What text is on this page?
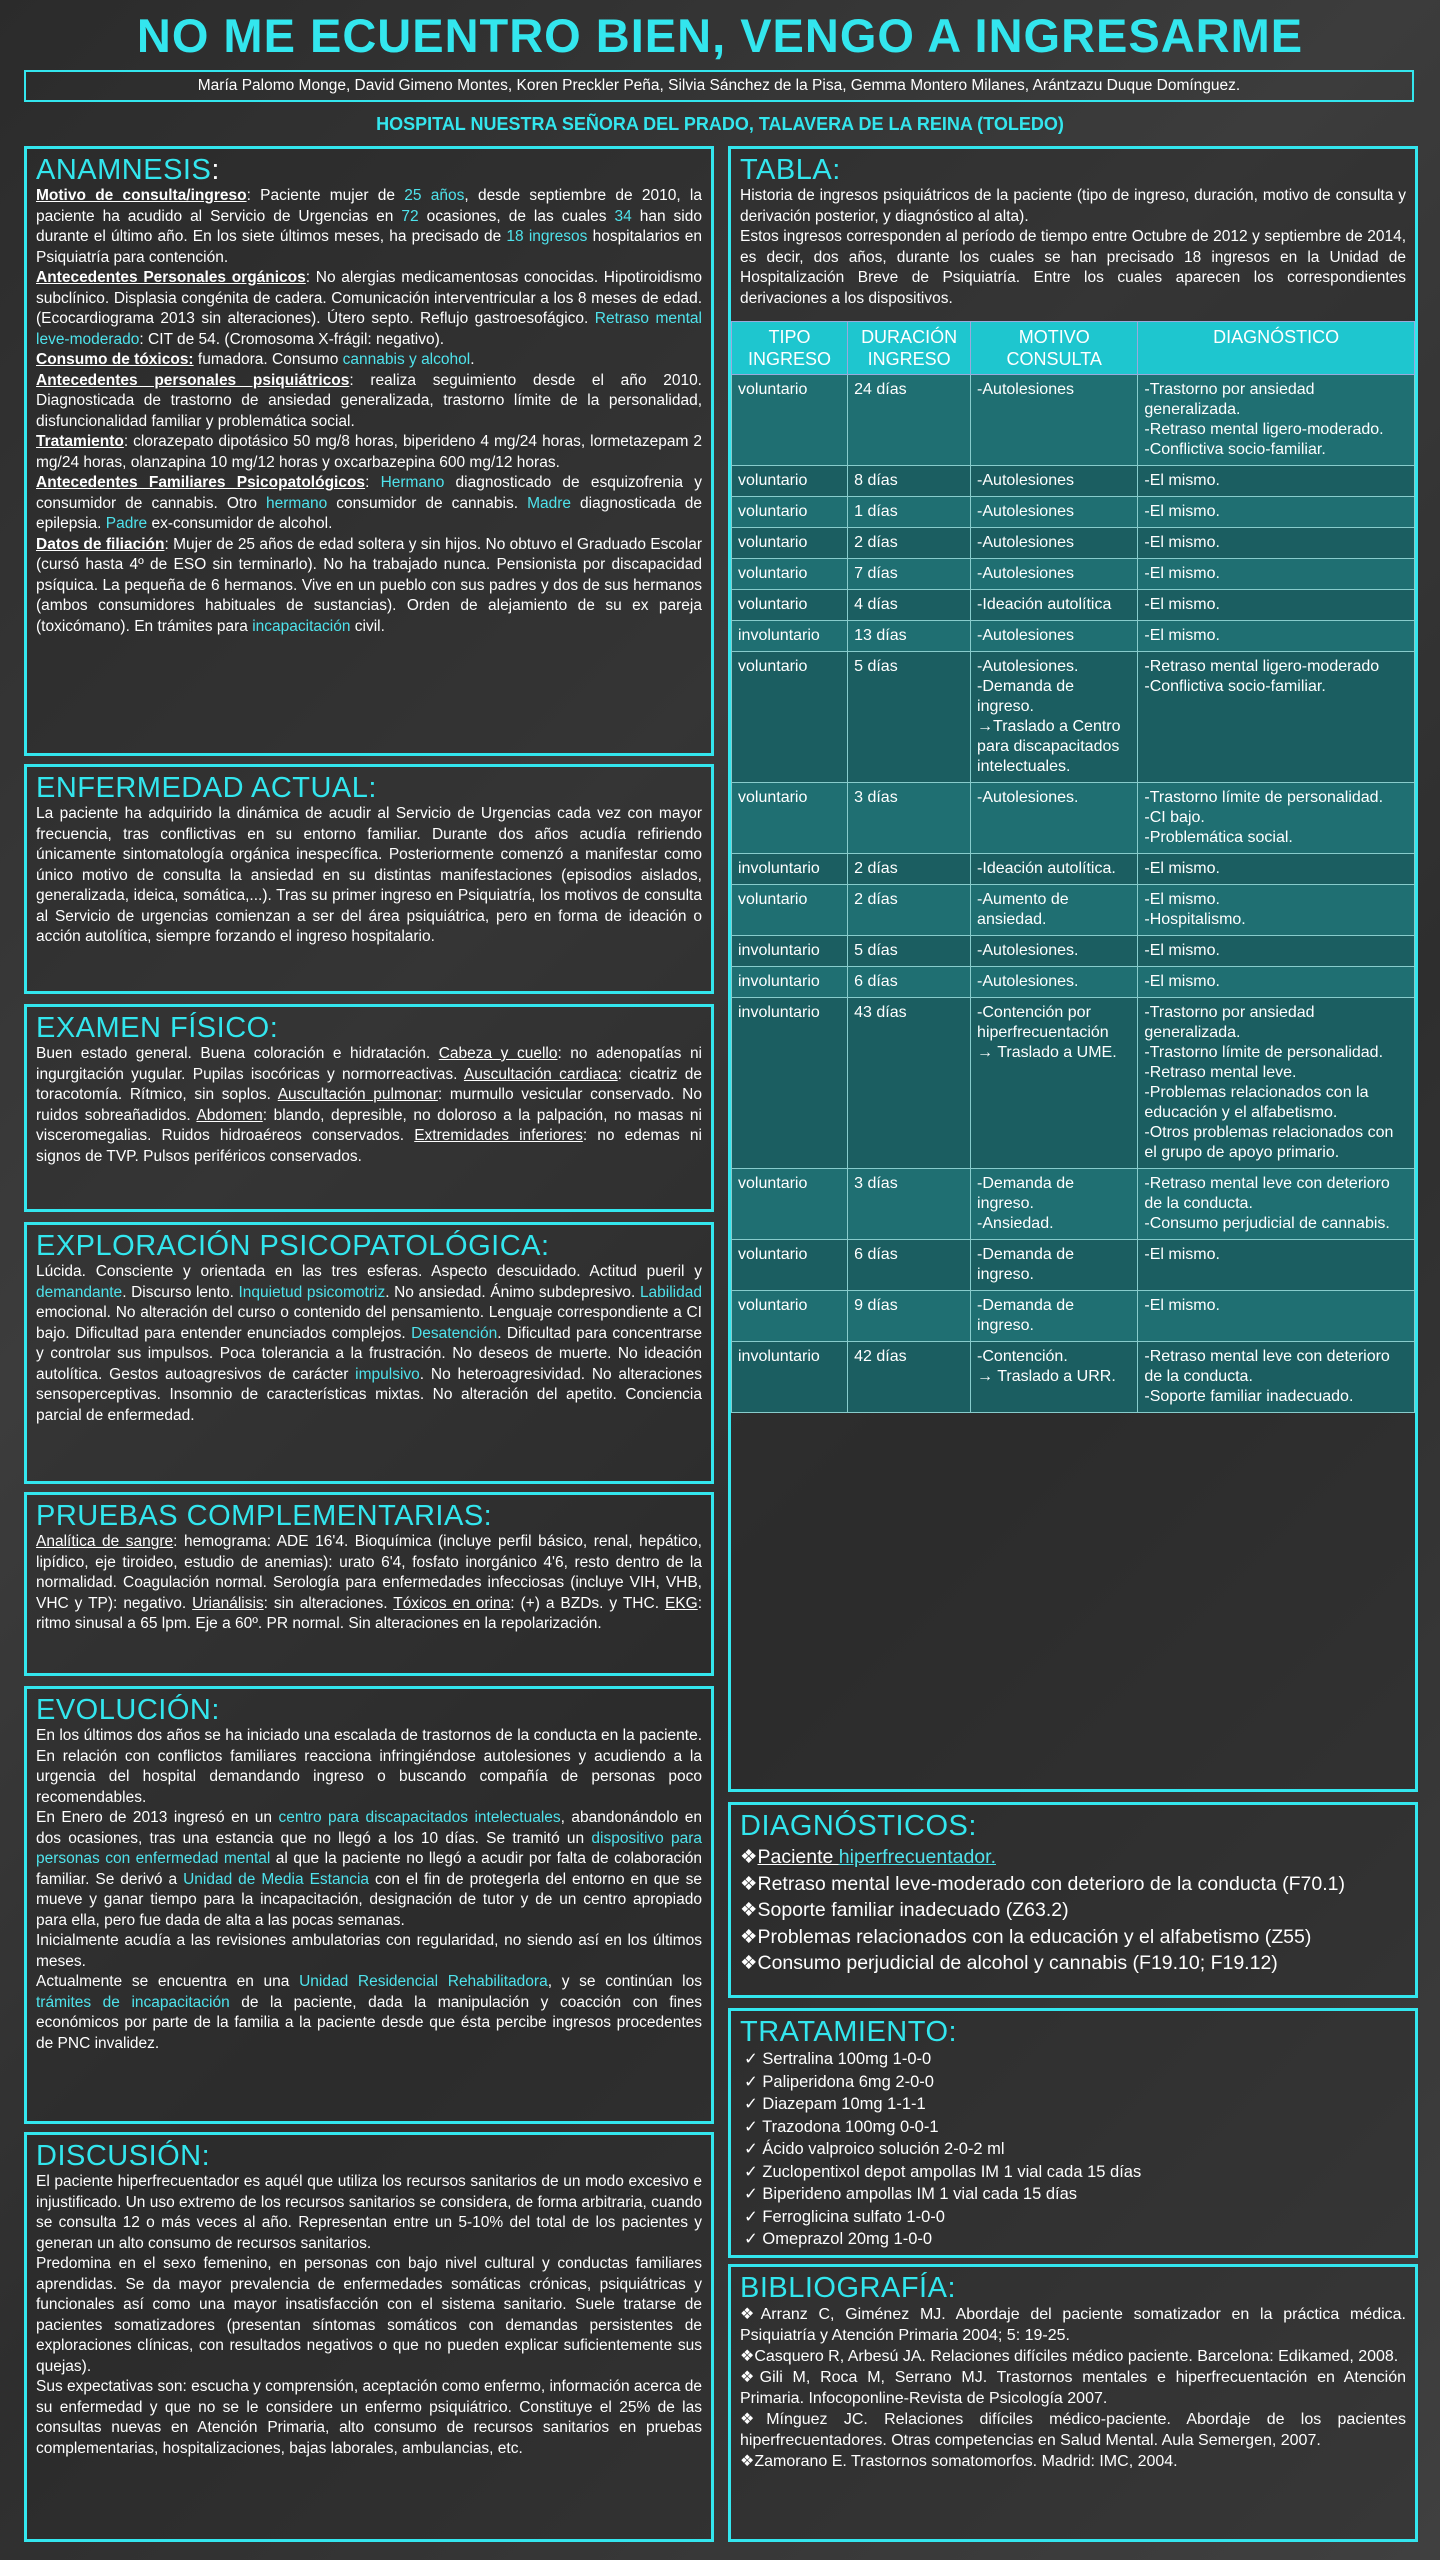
NO ME ECUENTRO BIEN, VENGO A INGRESARME
María Palomo Monge, David Gimeno Montes, Koren Preckler Peña, Silvia Sánchez de la Pisa, Gemma Montero Milanes, Arántzazu Duque Domínguez.
HOSPITAL NUESTRA SEÑORA DEL PRADO, TALAVERA DE LA REINA (TOLEDO)
ANAMNESIS:

Motivo de consulta/ingreso: Paciente mujer de 25 años, desde septiembre de 2010, la paciente ha acudido al Servicio de Urgencias en 72 ocasiones, de las cuales 34 han sido durante el último año. En los siete últimos meses, ha precisado de 18 ingresos hospitalarios en Psiquiatría para contención.
Antecedentes Personales orgánicos: No alergias medicamentosas conocidas. Hipotiroidismo subclínico. Displasia congénita de cadera. Comunicación interventricular a los 8 meses de edad. (Ecocardiograma 2013 sin alteraciones). Útero septo. Reflujo gastroesofágico. Retraso mental leve-moderado: CIT de 54. (Cromosoma X-frágil: negativo).
Consumo de tóxicos: fumadora. Consumo cannabis y alcohol.
Antecedentes personales psiquiátricos: realiza seguimiento desde el año 2010. Diagnosticada de trastorno de ansiedad generalizada, trastorno límite de la personalidad, disfuncionalidad familiar y problemática social.
Tratamiento: clorazepato dipotásico 50 mg/8 horas, biperideno 4 mg/24 horas, lormetazepam 2 mg/24 horas, olanzapina 10 mg/12 horas y oxcarbazepina 600 mg/12 horas.
Antecedentes Familiares Psicopatológicos: Hermano diagnosticado de esquizofrenia y consumidor de cannabis. Otro hermano consumidor de cannabis. Madre diagnosticada de epilepsia. Padre ex-consumidor de alcohol.
Datos de filiación: Mujer de 25 años de edad soltera y sin hijos. No obtuvo el Graduado Escolar (cursó hasta 4º de ESO sin terminarlo). No ha trabajado nunca. Pensionista por discapacidad psíquica. La pequeña de 6 hermanos. Vive en un pueblo con sus padres y dos de sus hermanos (ambos consumidores habituales de sustancias). Orden de alejamiento de su ex pareja (toxicómano). En trámites para incapacitación civil.

ENFERMEDAD ACTUAL:

La paciente ha adquirido la dinámica de acudir al Servicio de Urgencias cada vez con mayor frecuencia, tras conflictivas en su entorno familiar. Durante dos años acudía refiriendo únicamente sintomatología orgánica inespecífica. Posteriormente comenzó a manifestar como único motivo de consulta la ansiedad en su distintas manifestaciones (episodios aislados, generalizada, ideica, somática,...). Tras su primer ingreso en Psiquiatría, los motivos de consulta al Servicio de urgencias comienzan a ser del área psiquiátrica, pero en forma de ideación o acción autolítica, siempre forzando el ingreso hospitalario.

EXAMEN FÍSICO:

Buen estado general. Buena coloración e hidratación. Cabeza y cuello: no adenopatías ni ingurgitación yugular. Pupilas isocóricas y normorreactivas. Auscultación cardiaca: cicatriz de toracotomía. Rítmico, sin soplos. Auscultación pulmonar: murmullo vesicular conservado. No ruidos sobreañadidos. Abdomen: blando, depresible, no doloroso a la palpación, no masas ni visceromegalias. Ruidos hidroaéreos conservados. Extremidades inferiores: no edemas ni signos de TVP. Pulsos periféricos conservados.

EXPLORACIÓN PSICOPATOLÓGICA:

Lúcida. Consciente y orientada en las tres esferas. Aspecto descuidado. Actitud pueril y demandante. Discurso lento. Inquietud psicomotriz. No ansiedad. Ánimo subdepresivo. Labilidad emocional. No alteración del curso o contenido del pensamiento. Lenguaje correspondiente a CI bajo. Dificultad para entender enunciados complejos. Desatención. Dificultad para concentrarse y controlar sus impulsos. Poca tolerancia a la frustración. No deseos de muerte. No ideación autolítica. Gestos autoagresivos de carácter impulsivo. No heteroagresividad. No alteraciones sensoperceptivas. Insomnio de características mixtas. No alteración del apetito. Conciencia parcial de enfermedad.

PRUEBAS COMPLEMENTARIAS:

Analítica de sangre: hemograma: ADE 16'4. Bioquímica (incluye perfil básico, renal, hepático, lipídico, eje tiroideo, estudio de anemias): urato 6'4, fosfato inorgánico 4'6, resto dentro de la normalidad. Coagulación normal. Serología para enfermedades infecciosas (incluye VIH, VHB, VHC y TP): negativo. Urianálisis: sin alteraciones. Tóxicos en orina: (+) a BZDs. y THC. EKG: ritmo sinusal a 65 lpm. Eje a 60º. PR normal. Sin alteraciones en la repolarización.

EVOLUCIÓN:

En los últimos dos años se ha iniciado una escalada de trastornos de la conducta en la paciente. En relación con conflictos familiares reacciona infringiéndose autolesiones y acudiendo a la urgencia del hospital demandando ingreso o buscando compañía de personas poco recomendables.

En Enero de 2013 ingresó en un centro para discapacitados intelectuales, abandonándolo en dos ocasiones, tras una estancia que no llegó a los 10 días. Se tramitó un dispositivo para personas con enfermedad mental al que la paciente no llegó a acudir por falta de colaboración familiar. Se derivó a Unidad de Media Estancia con el fin de protegerla del entorno en que se mueve y ganar tiempo para la incapacitación, designación de tutor y de un centro apropiado para ella, pero fue dada de alta a las pocas semanas.

Inicialmente acudía a las revisiones ambulatorias con regularidad, no siendo así en los últimos meses.

Actualmente se encuentra en una Unidad Residencial Rehabilitadora, y se continúan los trámites de incapacitación de la paciente, dada la manipulación y coacción con fines económicos por parte de la familia a la paciente desde que ésta percibe ingresos procedentes de PNC invalidez.

DISCUSIÓN:

El paciente hiperfrecuentador es aquél que utiliza los recursos sanitarios de un modo excesivo e injustificado. Un uso extremo de los recursos sanitarios se considera, de forma arbitraria, cuando se consulta 12 o más veces al año. Representan entre un 5-10% del total de los pacientes y generan un alto consumo de recursos sanitarios.

Predomina en el sexo femenino, en personas con bajo nivel cultural y conductas familiares aprendidas. Se da mayor prevalencia de enfermedades somáticas crónicas, psiquiátricas y funcionales así como una mayor insatisfacción con el sistema sanitario. Suele tratarse de pacientes somatizadores (presentan síntomas somáticos con demandas persistentes de exploraciones clínicas, con resultados negativos o que no pueden explicar suficientemente sus quejas).

Sus expectativas son: escucha y comprensión, aceptación como enfermo, información acerca de su enfermedad y que no se le considere un enfermo psiquiátrico. Constituye el 25% de las consultas nuevas en Atención Primaria, alto consumo de recursos sanitarios en pruebas complementarias, hospitalizaciones, bajas laborales, ambulancias, etc.

TABLA:

Historia de ingresos psiquiátricos de la paciente (tipo de ingreso, duración, motivo de consulta y derivación posterior, y diagnóstico al alta).

Estos ingresos corresponden al período de tiempo entre Octubre de 2012 y septiembre de 2014, es decir, dos años, durante los cuales se han precisado 18 ingresos en la Unidad de Hospitalización Breve de Psiquiatría. Entre los cuales aparecen los correspondientes derivaciones a los dispositivos.

TIPO INGRESO	DURACIÓN INGRESO	MOTIVO CONSULTA	DIAGNÓSTICO
voluntario	24 días	-Autolesiones	-Trastorno por ansiedad generalizada.
-Retraso mental ligero-moderado.
-Conflictiva socio-familiar.
voluntario	8 días	-Autolesiones	-El mismo.
voluntario	1 días	-Autolesiones	-El mismo.
voluntario	2 días	-Autolesiones	-El mismo.
voluntario	7 días	-Autolesiones	-El mismo.
voluntario	4 días	-Ideación autolítica	-El mismo.
involuntario	13 días	-Autolesiones	-El mismo.
voluntario	5 días	-Autolesiones.
-Demanda de ingreso.
→Traslado a Centro para discapacitados intelectuales.	-Retraso mental ligero-moderado
-Conflictiva socio-familiar.
voluntario	3 días	-Autolesiones.	-Trastorno límite de personalidad.
-CI bajo.
-Problemática social.
involuntario	2 días	-Ideación autolítica.	-El mismo.
voluntario	2 días	-Aumento de ansiedad.	-El mismo.
-Hospitalismo.
involuntario	5 días	-Autolesiones.	-El mismo.
involuntario	6 días	-Autolesiones.	-El mismo.
involuntario	43 días	-Contención por hiperfrecuentación
→ Traslado a UME.	-Trastorno por ansiedad generalizada.
-Trastorno límite de personalidad.
-Retraso mental leve.
-Problemas relacionados con la educación y el alfabetismo.
-Otros problemas relacionados con el grupo de apoyo primario.
voluntario	3 días	-Demanda de ingreso.
-Ansiedad.	-Retraso mental leve con deterioro de la conducta.
-Consumo perjudicial de cannabis.
voluntario	6 días	-Demanda de ingreso.	-El mismo.
voluntario	9 días	-Demanda de ingreso.	-El mismo.
involuntario	42 días	-Contención.
→ Traslado a URR.	-Retraso mental leve con deterioro de la conducta.
-Soporte familiar inadecuado.
DIAGNÓSTICOS:
❖ Paciente hiperfrecuentador.
❖ Retraso mental leve-moderado con deterioro de la conducta (F70.1)
❖ Soporte familiar inadecuado (Z63.2)
❖ Problemas relacionados con la educación y el alfabetismo (Z55)
❖ Consumo perjudicial de alcohol y cannabis (F19.10; F19.12)
TRATAMIENTO:
✓ Sertralina 100mg 1-0-0
✓ Paliperidona 6mg 2-0-0
✓ Diazepam 10mg 1-1-1
✓ Trazodona 100mg 0-0-1
✓ Ácido valproico solución 2-0-2 ml
✓ Zuclopentixol depot ampollas IM 1 vial cada 15 días
✓ Biperideno ampollas IM 1 vial cada 15 días
✓ Ferroglicina sulfato 1-0-0
✓ Omeprazol 20mg 1-0-0
BIBLIOGRAFÍA:

❖ Arranz C, Giménez MJ. Abordaje del paciente somatizador en la práctica médica. Psiquiatría y Atención Primaria 2004; 5: 19-25.

❖ Casquero R, Arbesú JA. Relaciones difíciles médico paciente. Barcelona: Edikamed, 2008.

❖ Gili M, Roca M, Serrano MJ. Trastornos mentales e hiperfrecuentación en Atención Primaria. Infocoponline-Revista de Psicología 2007.

❖ Mínguez JC. Relaciones difíciles médico-paciente. Abordaje de los pacientes hiperfrecuentadores. Otras competencias en Salud Mental. Aula Semergen, 2007.

❖ Zamorano E. Trastornos somatomorfos. Madrid: IMC, 2004.
